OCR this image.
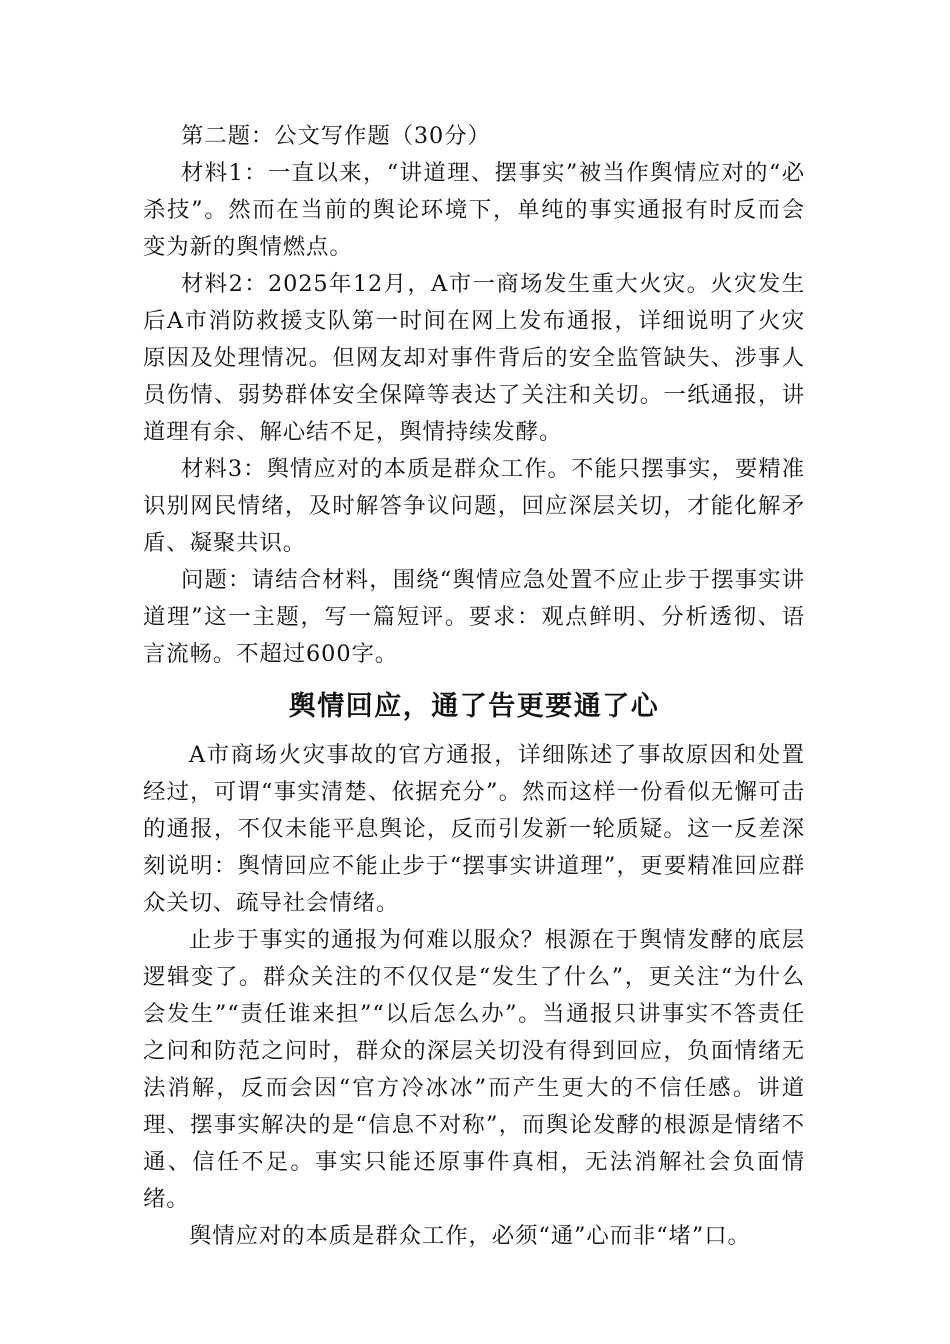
第二题：公文写作题（30分）

材料1：一直以来，“讲道理、摆事实”被当作舆情应对的“必杀技”。然而在当前的舆论环境下，单纯的事实通报有时反而会变为新的舆情燃点。

材料2：2025年12月，A市一商场发生重大火灾。火灾发生后A市消防救援支队第一时间在网上发布通报，详细说明了火灾原因及处理情况。但网友却对事件背后的安全监管缺失、涉事人员伤情、弱势群体安全保障等表达了关注和关切。一纸通报，讲道理有余、解心结不足，舆情持续发酵。

材料3：舆情应对的本质是群众工作。不能只摆事实，要精准识别网民情绪，及时解答争议问题，回应深层关切，才能化解矛盾、凝聚共识。

问题：请结合材料，围绕“舆情应急处置不应止步于摆事实讲道理”这一主题，写一篇短评。要求：观点鲜明、分析透彻、语言流畅。不超过600字。

舆情回应，通了告更要通了心

A市商场火灾事故的官方通报，详细陈述了事故原因和处置经过，可谓“事实清楚、依据充分”。然而这样一份看似无懈可击的通报，不仅未能平息舆论，反而引发新一轮质疑。这一反差深刻说明：舆情回应不能止步于“摆事实讲道理”，更要精准回应群众关切、疏导社会情绪。

止步于事实的通报为何难以服众？根源在于舆情发酵的底层逻辑变了。群众关注的不仅仅是“发生了什么”，更关注“为什么会发生”“责任谁来担”“以后怎么办”。当通报只讲事实不答责任之问和防范之问时，群众的深层关切没有得到回应，负面情绪无法消解，反而会因“官方冷冰冰”而产生更大的不信任感。讲道理、摆事实解决的是“信息不对称”，而舆论发酵的根源是情绪不通、信任不足。事实只能还原事件真相，无法消解社会负面情绪。

舆情应对的本质是群众工作，必须“通”心而非“堵”口。
